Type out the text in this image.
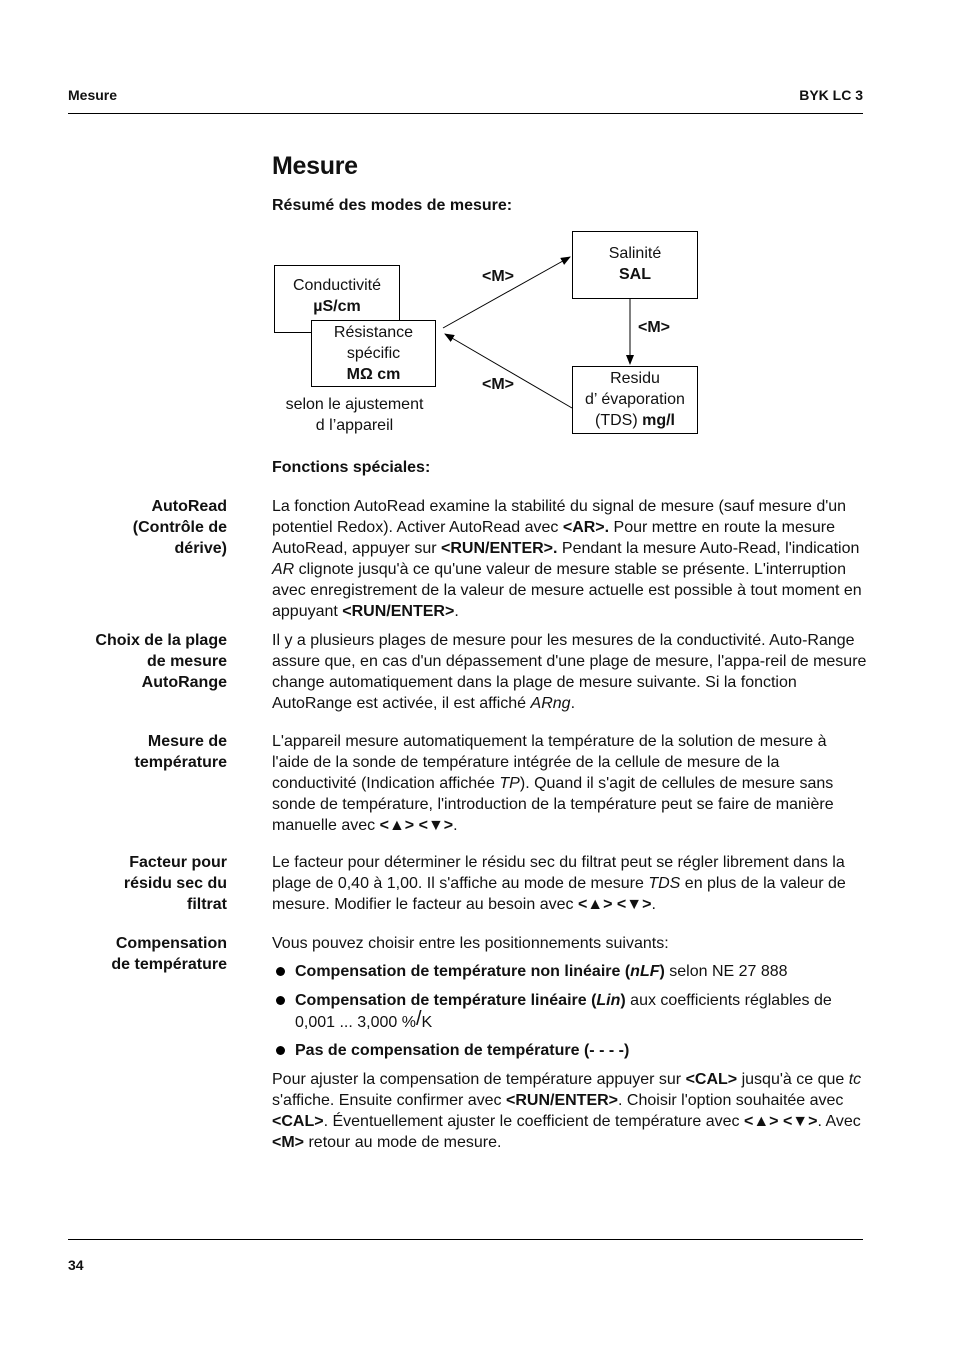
Mesure	BYK LC 3
Mesure
Résumé des modes de mesure:
Conductivité
µS/cm
Résistance
spécific
MΩ cm
selon le ajustement
d l’appareil
Salinité
SAL
Residu
d’ évaporation
(TDS) mg/l
<M>
<M>
<M>
Fonctions spéciales:
AutoRead
(Contrôle de
dérive)
La fonction AutoRead examine la stabilité du signal de mesure (sauf mesure d'un potentiel Redox). Activer AutoRead avec <AR>. Pour mettre en route la mesure AutoRead, appuyer sur <RUN/ENTER>. Pendant la mesure Auto-Read, l'indication AR clignote jusqu'à ce qu'une valeur de mesure stable se présente. L'interruption avec enregistrement de la valeur de mesure actuelle est possible à tout moment en appuyant <RUN/ENTER>.
Choix de la plage
de mesure
AutoRange
Il y a plusieurs plages de mesure pour les mesures de la conductivité. Auto-Range assure que, en cas d'un dépassement d'une plage de mesure, l'appa-reil de mesure change automatiquement dans la plage de mesure suivante. Si la fonction AutoRange est activée, il est affiché ARng.
Mesure de
température
L'appareil mesure automatiquement la température de la solution de mesure à l'aide de la sonde de température intégrée de la cellule de mesure de la conductivité (Indication affichée TP). Quand il s'agit de cellules de mesure sans sonde de température, l'introduction de la température peut se faire de manière manuelle avec <▲> <▼>.
Facteur pour
résidu sec du
filtrat
Le facteur pour déterminer le résidu sec du filtrat peut se régler librement dans la plage de 0,40 à 1,00. Il s'affiche au mode de mesure TDS en plus de la valeur de mesure. Modifier le facteur au besoin avec <▲> <▼>.
Compensation
de température
Vous pouvez choisir entre les positionnements suivants:
Compensation de température non linéaire (nLF) selon NE 27 888
Compensation de température linéaire (Lin) aux coefficients réglables de 0,001 ... 3,000 %/K
Pas de compensation de température (- - - -)
Pour ajuster la compensation de température appuyer sur <CAL> jusqu'à ce que tc s'affiche. Ensuite confirmer avec <RUN/ENTER>. Choisir l'option souhaitée avec <CAL>. Éventuellement ajuster le coefficient de température avec <▲> <▼>. Avec <M> retour au mode de mesure.
34
